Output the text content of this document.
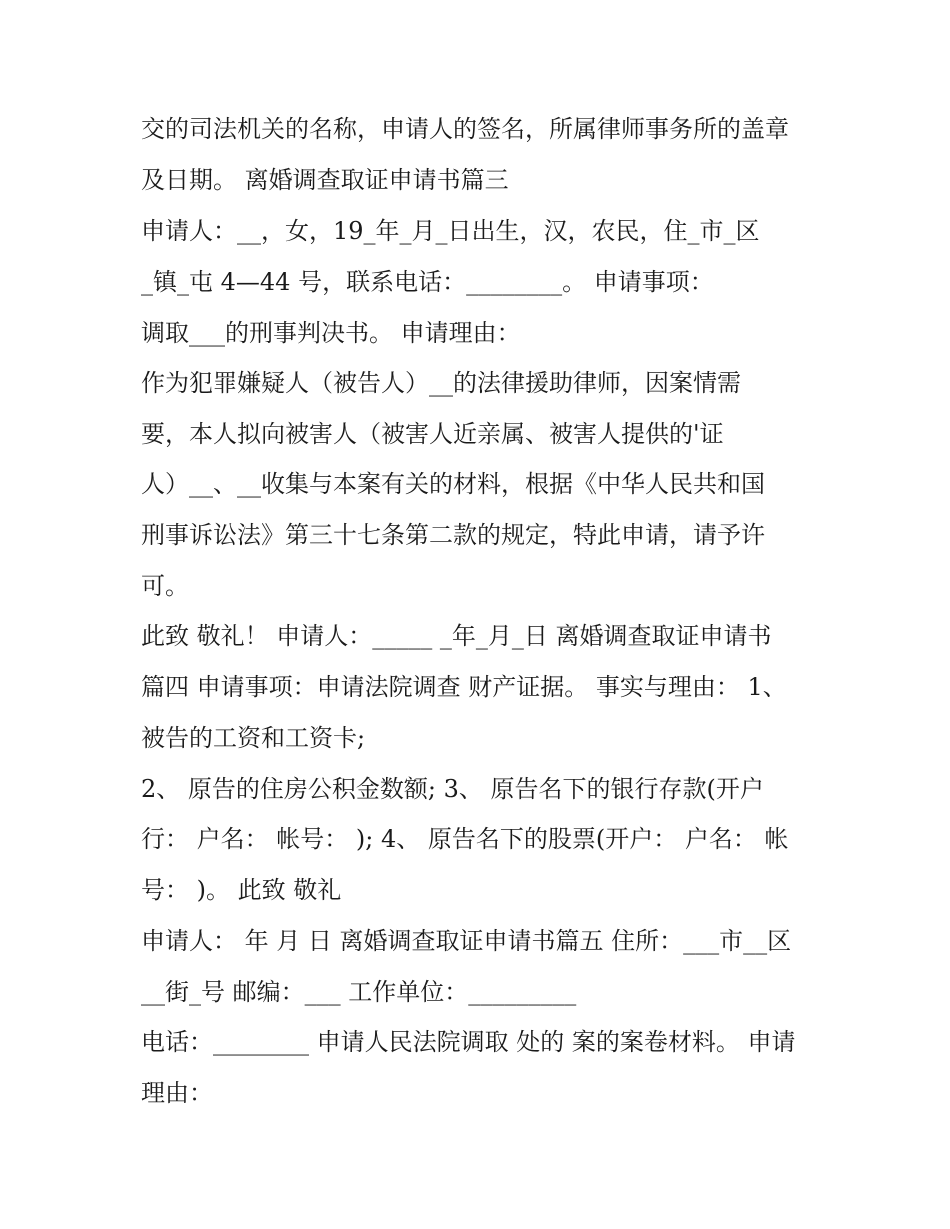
交的司法机关的名称，申请人的签名，所属律师事务所的盖章
及日期。 离婚调查取证申请书篇三
申请人：__，女，19_年_月_日出生，汉，农民，住_市_区
_镇_屯 4—44 号，联系电话：________。 申请事项：
调取___的刑事判决书。 申请理由：
作为犯罪嫌疑人（被告人）__的法律援助律师，因案情需
要，本人拟向被害人（被害人近亲属、被害人提供的'证
人）__、__收集与本案有关的材料，根据《中华人民共和国
刑事诉讼法》第三十七条第二款的规定，特此申请，请予许
可。
此致 敬礼！ 申请人：_____ _年_月_日 离婚调查取证申请书
篇四 申请事项：申请法院调查 财产证据。 事实与理由： 1、
被告的工资和工资卡;
2、 原告的住房公积金数额; 3、 原告名下的银行存款(开户
行： 户名： 帐号： ); 4、 原告名下的股票(开户： 户名： 帐
号： )。 此致 敬礼
申请人： 年 月 日 离婚调查取证申请书篇五 住所：___市__区
__街_号 邮编：___ 工作单位：_________
电话：________ 申请人民法院调取 处的 案的案卷材料。 申请
理由：
